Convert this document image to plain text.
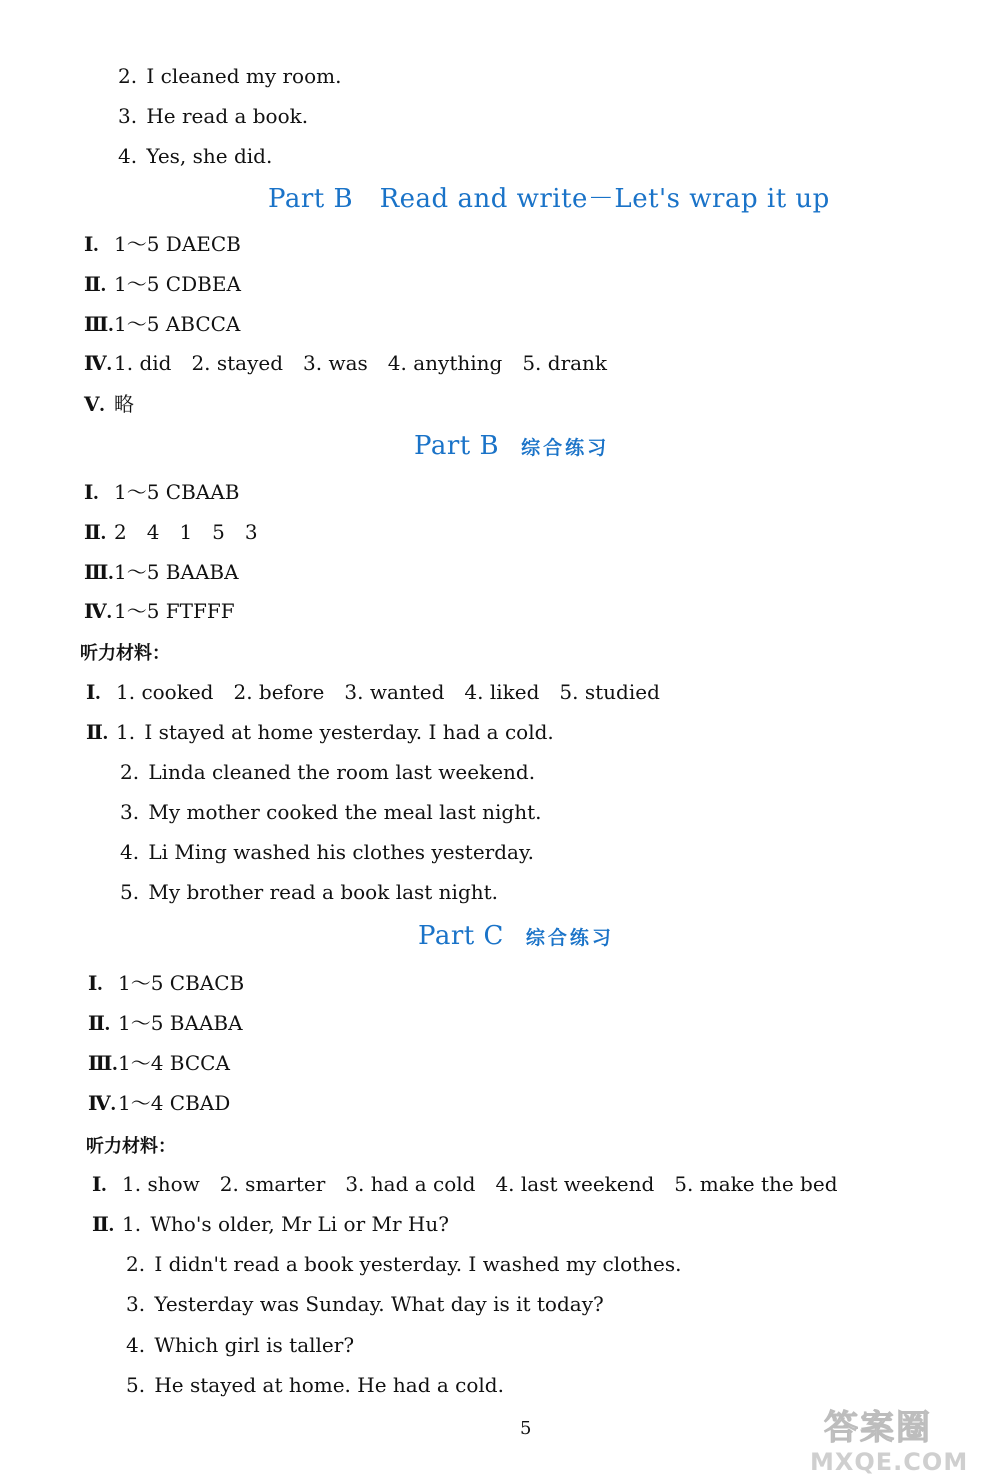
2. I cleaned my room.
3. He read a book.
4. Yes, she did.
Part B　Read and write－Let's wrap it up
Ⅰ. 1～5 DAECB
Ⅱ. 1～5 CDBEA
Ⅲ.1～5 ABCCA
Ⅳ. 1. did　2. stayed　3. was　4. anything　5. drank
Ⅴ. 略
Part B 综合练习
Ⅰ. 1～5 CBAAB
Ⅱ. 2　4　1　5　3
Ⅲ.1～5 BAABA
Ⅳ. 1～5 FTFFF
听力材料：
Ⅰ. 1. cooked　2. before　3. wanted　4. liked　5. studied
Ⅱ. 1. I stayed at home yesterday. I had a cold.
2. Linda cleaned the room last weekend.
3. My mother cooked the meal last night.
4. Li Ming washed his clothes yesterday.
5. My brother read a book last night.
Part C 综合练习
Ⅰ. 1～5 CBACB
Ⅱ. 1～5 BAABA
Ⅲ.1～4 BCCA
Ⅳ. 1～4 CBAD
听力材料：
Ⅰ. 1. show　2. smarter　3. had a cold　4. last weekend　5. make the bed
Ⅱ. 1. Who's older, Mr Li or Mr Hu?
2. I didn't read a book yesterday. I washed my clothes.
3. Yesterday was Sunday. What day is it today?
4. Which girl is taller?
5. He stayed at home. He had a cold.
5	答案圈
MXQE.COM
